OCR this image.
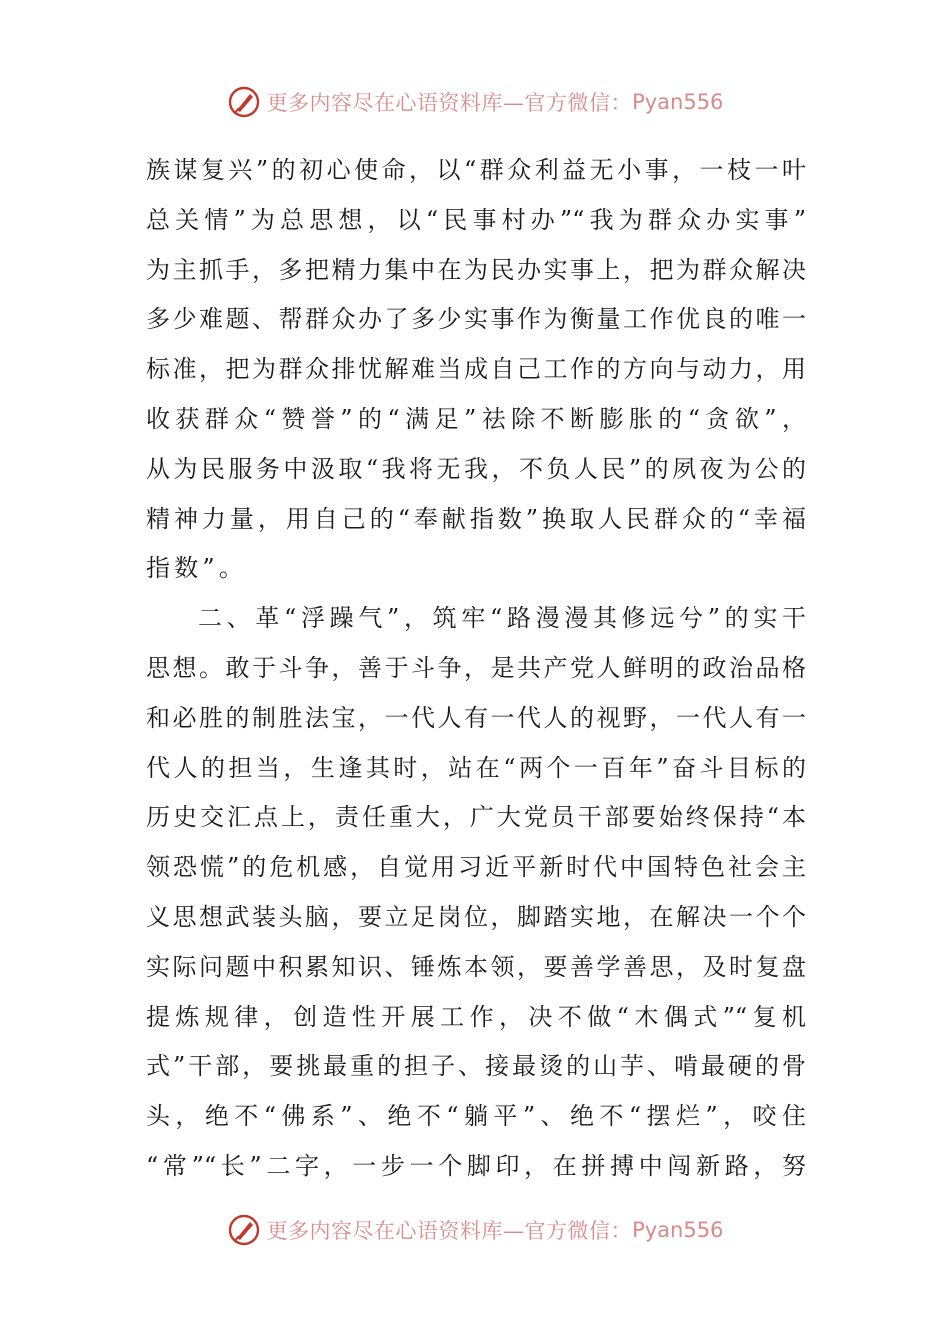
更多内容尽在心语资料库—官方微信： Pyan556
族谋复兴”的初心使命，以“群众利益无小事，一枝一叶
总关情”为总思想，以“民事村办”“我为群众办实事”
为主抓手，多把精力集中在为民办实事上，把为群众解决
多少难题、帮群众办了多少实事作为衡量工作优良的唯一
标准，把为群众排忧解难当成自己工作的方向与动力，用
收获群众“赞誉”的“满足”祛除不断膨胀的“贪欲”，
从为民服务中汲取“我将无我，不负人民”的夙夜为公的
精神力量，用自己的“奉献指数”换取人民群众的“幸福
指数”。
二、革“浮躁气”，筑牢“路漫漫其修远兮”的实干
思想。敢于斗争，善于斗争，是共产党人鲜明的政治品格
和必胜的制胜法宝，一代人有一代人的视野，一代人有一
代人的担当，生逢其时，站在“两个一百年”奋斗目标的
历史交汇点上，责任重大，广大党员干部要始终保持“本
领恐慌”的危机感，自觉用习近平新时代中国特色社会主
义思想武装头脑，要立足岗位，脚踏实地，在解决一个个
实际问题中积累知识、锤炼本领，要善学善思，及时复盘
提炼规律，创造性开展工作，决不做“木偶式”“复机
式”干部，要挑最重的担子、接最烫的山芋、啃最硬的骨
头，绝不“佛系”、绝不“躺平”、绝不“摆烂”，咬住
“常”“长”二字，一步一个脚印，在拼搏中闯新路，努
更多内容尽在心语资料库—官方微信： Pyan556
